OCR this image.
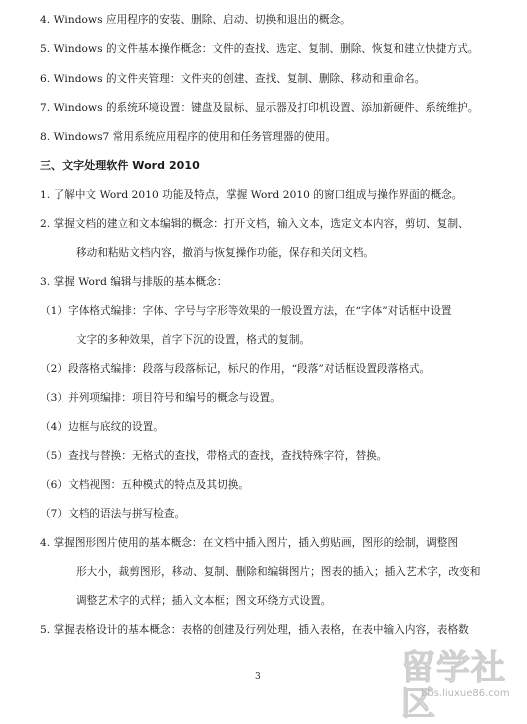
4. Windows 应用程序的安装、删除、启动、切换和退出的概念。
5. Windows 的文件基本操作概念：文件的查找、选定、复制、删除、恢复和建立快捷方式。
6. Windows 的文件夹管理：文件夹的创建、查找、复制、删除、移动和重命名。
7. Windows 的系统环境设置：键盘及鼠标、显示器及打印机设置、添加新硬件、系统维护。
8. Windows7 常用系统应用程序的使用和任务管理器的使用。
三、文字处理软件 Word 2010
1. 了解中文 Word 2010 功能及特点，掌握 Word 2010 的窗口组成与操作界面的概念。
2. 掌握文档的建立和文本编辑的概念：打开文档，输入文本，选定文本内容，剪切、复制、
移动和粘贴文档内容，撤消与恢复操作功能，保存和关闭文档。
3. 掌握 Word 编辑与排版的基本概念：
（1）字体格式编排：字体、字号与字形等效果的一般设置方法，在“字体”对话框中设置
文字的多种效果，首字下沉的设置，格式的复制。
（2）段落格式编排：段落与段落标记，标尺的作用，“段落”对话框设置段落格式。
（3）并列项编排：项目符号和编号的概念与设置。
（4）边框与底纹的设置。
（5）查找与替换：无格式的查找，带格式的查找，查找特殊字符，替换。
（6）文档视图：五种模式的特点及其切换。
（7）文档的语法与拼写检查。
4. 掌握图形图片使用的基本概念：在文档中插入图片，插入剪贴画，图形的绘制，调整图
形大小，裁剪图形，移动、复制、删除和编辑图片；图表的插入；插入艺术字，改变和
调整艺术字的式样；插入文本框；图文环绕方式设置。
5. 掌握表格设计的基本概念：表格的创建及行列处理，插入表格，在表中输入内容，表格数
3	留学社区
bbs.liuxue86.com
